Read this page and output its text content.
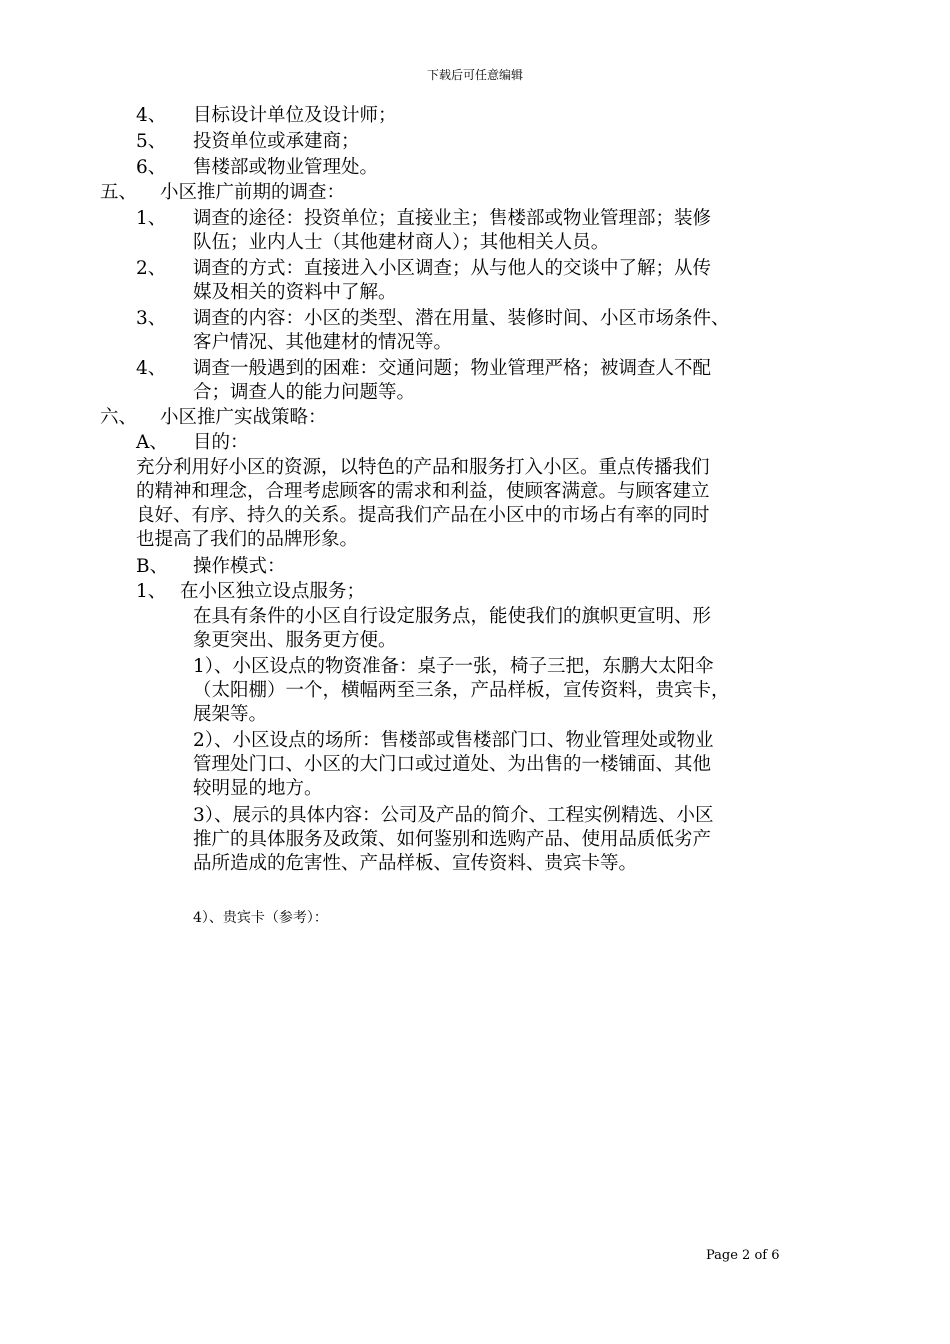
下载后可任意编辑
4、 目标设计单位及设计师；
5、 投资单位或承建商；
6、 售楼部或物业管理处。
五、 小区推广前期的调查：
1、 调查的途径：投资单位；直接业主；售楼部或物业管理部；装修
队伍；业内人士（其他建材商人）；其他相关人员。
2、 调查的方式：直接进入小区调查；从与他人的交谈中了解；从传
媒及相关的资料中了解。
3、 调查的内容：小区的类型、潜在用量、装修时间、小区市场条件、
客户情况、其他建材的情况等。
4、 调查一般遇到的困难：交通问题；物业管理严格；被调查人不配
合；调查人的能力问题等。
六、 小区推广实战策略：
A、 目的：
充分利用好小区的资源，以特色的产品和服务打入小区。重点传播我们
的精神和理念，合理考虑顾客的需求和利益，使顾客满意。与顾客建立
良好、有序、持久的关系。提高我们产品在小区中的市场占有率的同时
也提高了我们的品牌形象。
B、 操作模式：
1、 在小区独立设点服务；
在具有条件的小区自行设定服务点，能使我们的旗帜更宣明、形
象更突出、服务更方便。
1）、小区设点的物资准备：桌子一张，椅子三把，东鹏大太阳伞
（太阳棚）一个，横幅两至三条，产品样板，宣传资料，贵宾卡，
展架等。
2）、小区设点的场所：售楼部或售楼部门口、物业管理处或物业
管理处门口、小区的大门口或过道处、为出售的一楼铺面、其他
较明显的地方。
3）、展示的具体内容：公司及产品的简介、工程实例精选、小区
推广的具体服务及政策、如何鉴别和选购产品、使用品质低劣产
品所造成的危害性、产品样板、宣传资料、贵宾卡等。
4）、贵宾卡（参考）：
Page 2 of 6
